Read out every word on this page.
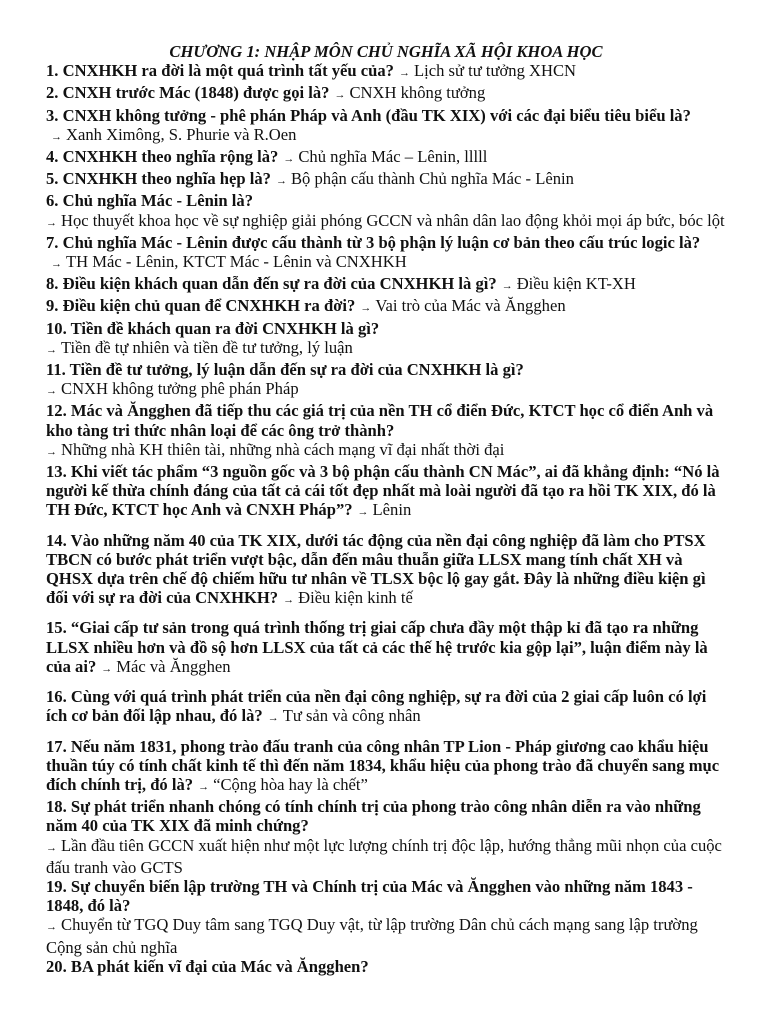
CHƯƠNG 1: NHẬP MÔN CHỦ NGHĨA XÃ HỘI KHOA HỌC
1. CNXHKH ra đời là một quá trình tất yếu của? → Lịch sử tư tưởng XHCN
2. CNXH trước Mác (1848) được gọi là? → CNXH không tưởng
3. CNXH không tưởng - phê phán Pháp và Anh (đầu TK XIX) với các đại biểu tiêu biểu là?→ Xanh Ximông, S. Phurie và R.Oen
4. CNXHKH theo nghĩa rộng là? → Chủ nghĩa Mác – Lênin, lllll
5. CNXHKH theo nghĩa hẹp là? → Bộ phận cấu thành Chủ nghĩa Mác - Lênin
6. Chủ nghĩa Mác - Lênin là?
→ Học thuyết khoa học về sự nghiệp giải phóng GCCN và nhân dân lao động khỏi mọi áp bức, bóc lột
7. Chủ nghĩa Mác - Lênin được cấu thành từ 3 bộ phận lý luận cơ bản theo cấu trúc logic là?→ TH Mác - Lênin, KTCT Mác - Lênin và CNXHKH
8. Điều kiện khách quan dẫn đến sự ra đời của CNXHKH là gì? → Điều kiện KT-XH
9. Điều kiện chủ quan để CNXHKH ra đời? → Vai trò của Mác và Ăngghen
10. Tiền đề khách quan ra đời CNXHKH là gì?
→ Tiền đề tự nhiên và tiền đề tư tưởng, lý luận
11. Tiền đề tư tưởng, lý luận dẫn đến sự ra đời của CNXHKH là gì?
→ CNXH không tưởng phê phán Pháp
12. Mác và Ăngghen đã tiếp thu các giá trị của nền TH cổ điển Đức, KTCT học cổ điển Anh và kho tàng tri thức nhân loại để các ông trở thành?
→ Những nhà KH thiên tài, những nhà cách mạng vĩ đại nhất thời đại
13. Khi viết tác phẩm “3 nguồn gốc và 3 bộ phận cấu thành CN Mác”, ai đã khẳng định: “Nó là người kế thừa chính đáng của tất cả cái tốt đẹp nhất mà loài người đã tạo ra hồi TK XIX, đó là TH Đức, KTCT học Anh và CNXH Pháp”? → Lênin
14. Vào những năm 40 của TK XIX, dưới tác động của nền đại công nghiệp đã làm cho PTSX TBCN có bước phát triển vượt bậc, dẫn đến mâu thuẫn giữa LLSX mang tính chất XH và QHSX dựa trên chế độ chiếm hữu tư nhân về TLSX bộc lộ gay gắt. Đây là những điều kiện gì đối với sự ra đời của CNXHKH? → Điều kiện kinh tế
15. “Giai cấp tư sản trong quá trình thống trị giai cấp chưa đầy một thập kỉ đã tạo ra những LLSX nhiều hơn và đồ sộ hơn LLSX của tất cả các thế hệ trước kia gộp lại”, luận điểm này là của ai? → Mác và Ăngghen
16. Cùng với quá trình phát triển của nền đại công nghiệp, sự ra đời của 2 giai cấp luôn có lợi ích cơ bản đối lập nhau, đó là? → Tư sản và công nhân
17. Nếu năm 1831, phong trào đấu tranh của công nhân TP Lion - Pháp giương cao khẩu hiệu thuần túy có tính chất kinh tế thì đến năm 1834, khẩu hiệu của phong trào đã chuyển sang mục đích chính trị, đó là? → “Cộng hòa hay là chết”
18. Sự phát triển nhanh chóng có tính chính trị của phong trào công nhân diễn ra vào những năm 40 của TK XIX đã minh chứng?
→ Lần đầu tiên GCCN xuất hiện như một lực lượng chính trị độc lập, hướng thẳng mũi nhọn của cuộc đấu tranh vào GCTS
19. Sự chuyển biến lập trường TH và Chính trị của Mác và Ăngghen vào những năm 1843 - 1848, đó là?
→ Chuyển từ TGQ Duy tâm sang TGQ Duy vật, từ lập trường Dân chủ cách mạng sang lập trường Cộng sản chủ nghĩa
20. BA phát kiến vĩ đại của Mác và Ăngghen?
